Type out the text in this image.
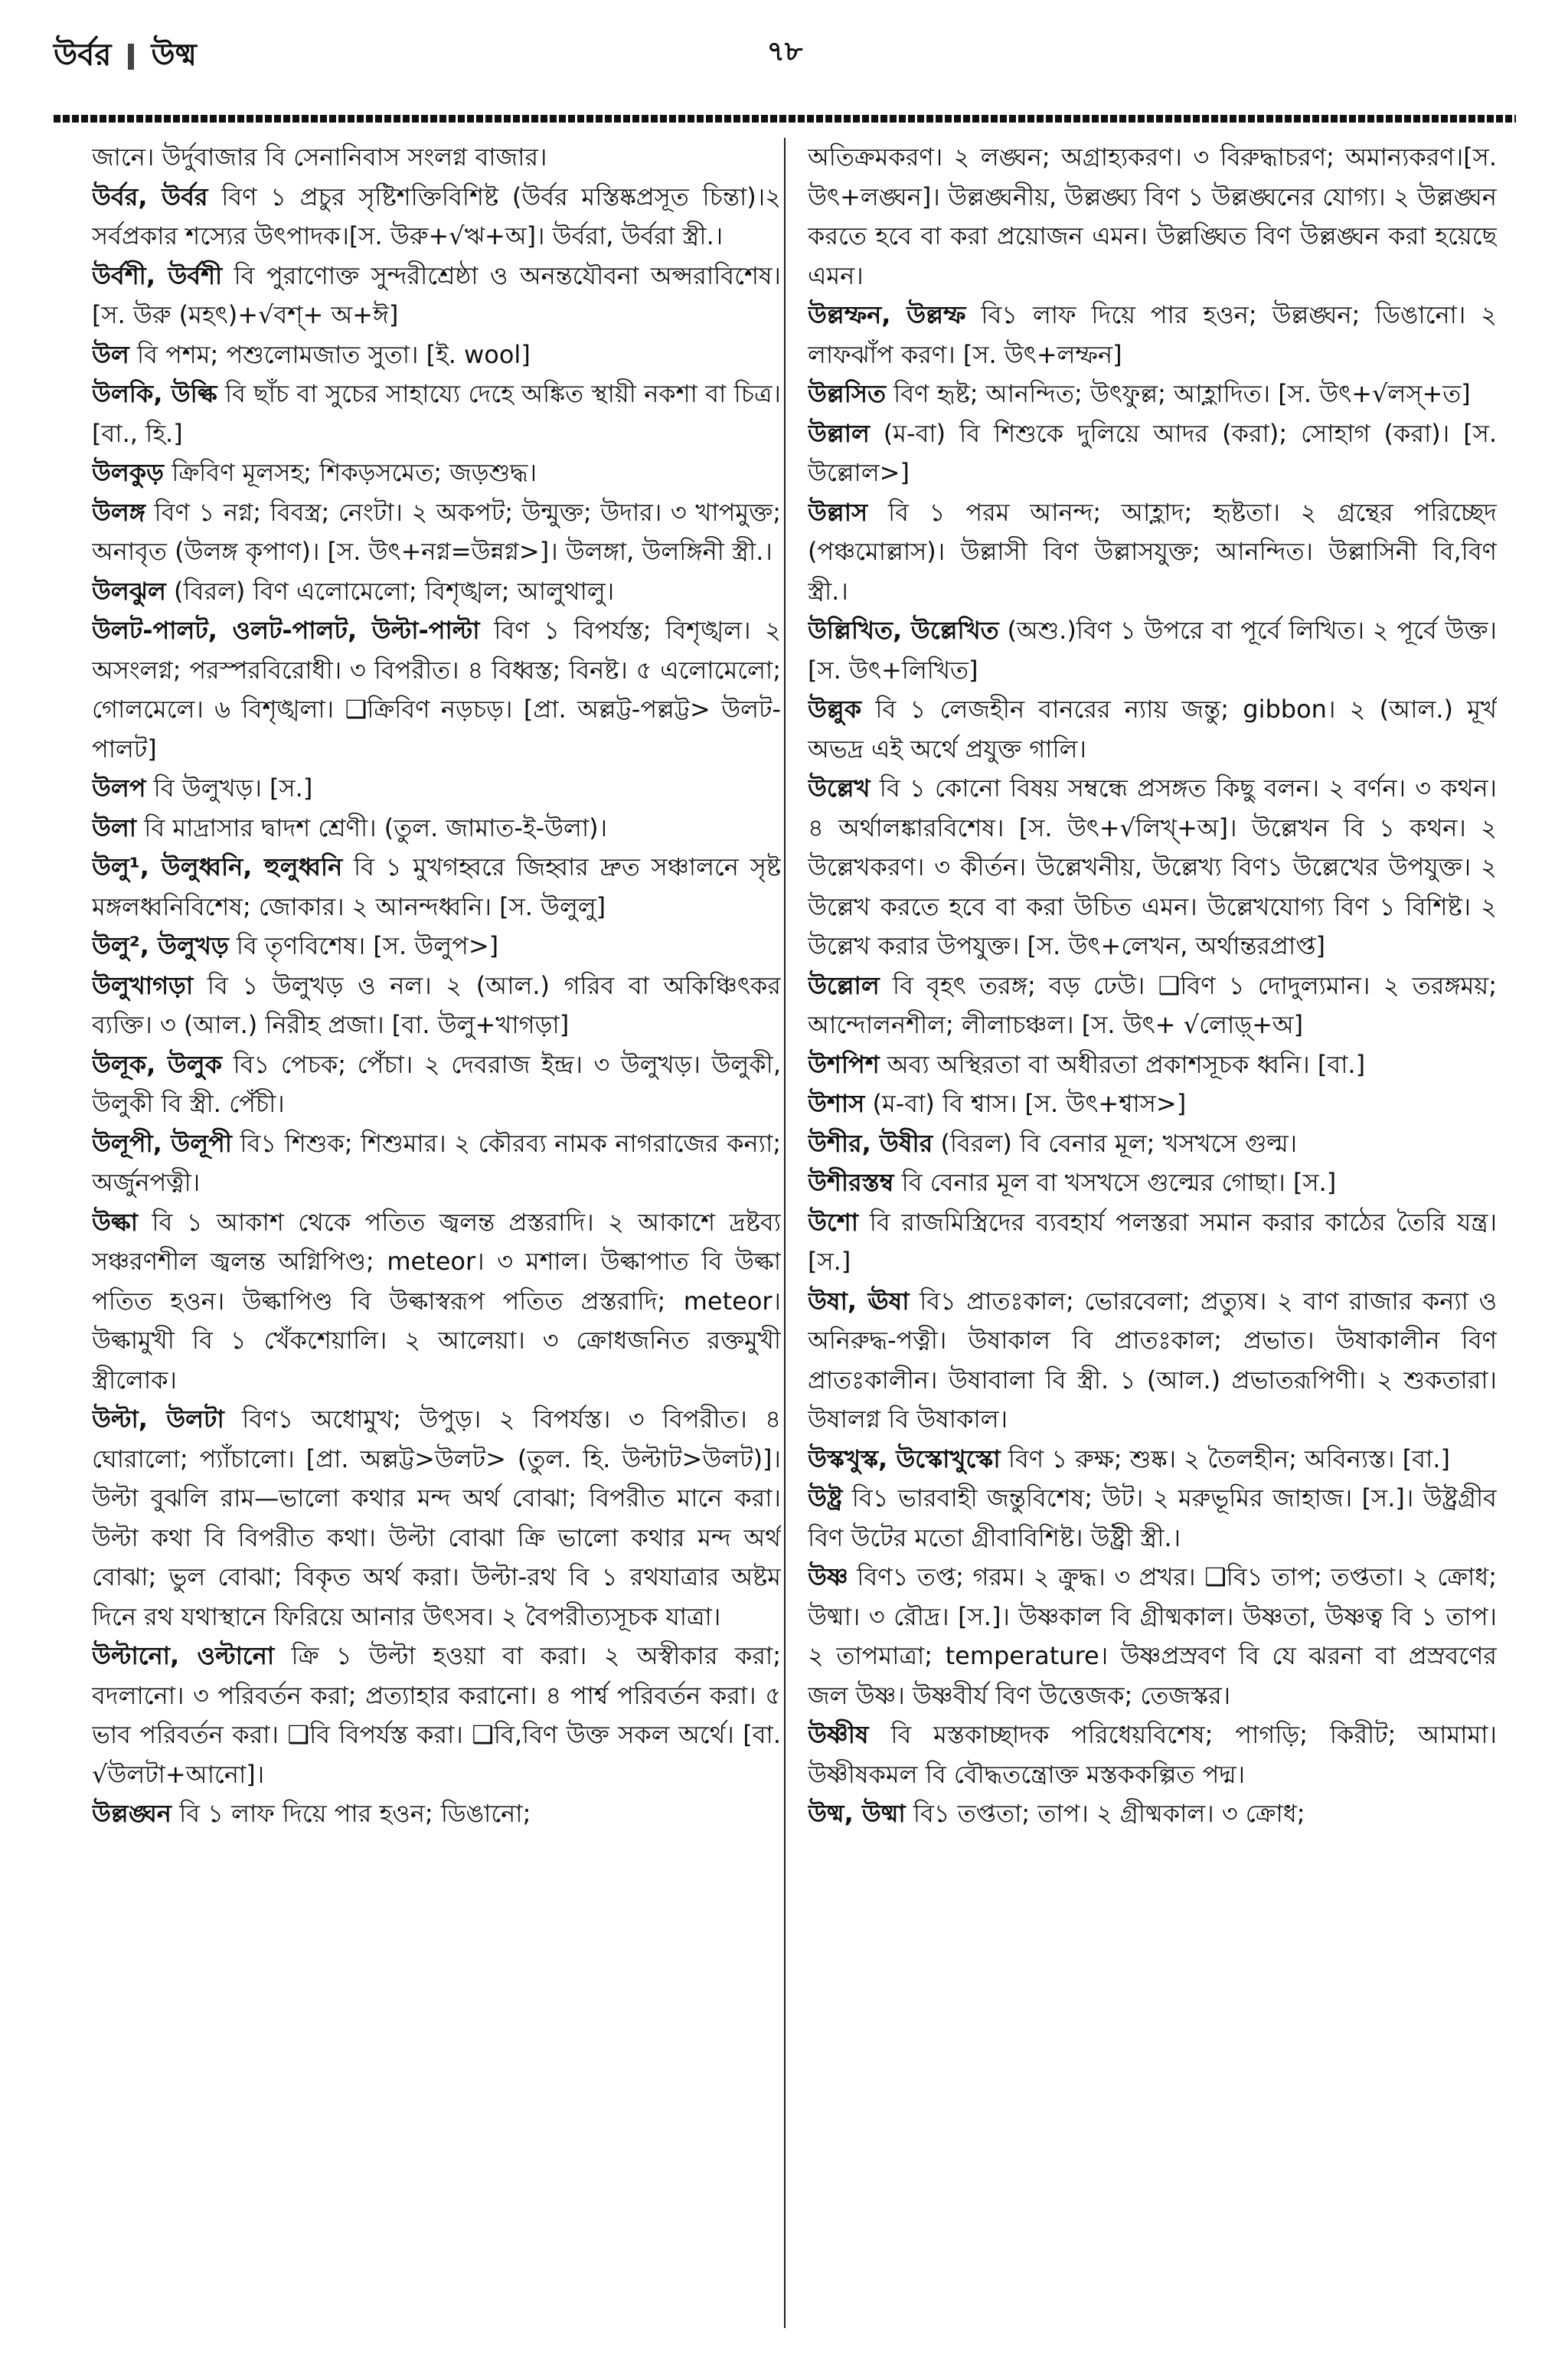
উর্বর উষ্ম	৭৮

জানে। উর্দুবাজার বি সেনানিবাস সংলগ্ন বাজার।

উর্বর, উর্বর বিণ ১ প্রচুর সৃষ্টিশক্তিবিশিষ্ট (উর্বর মস্তিষ্কপ্রসূত চিন্তা)।২ সর্বপ্রকার শস্যের উৎপাদক।[স. উরু+√ঋ+অ]। উর্বরা, উর্বরা স্ত্রী.।

উর্বশী, উর্বশী বি পুরাণোক্ত সুন্দরীশ্রেষ্ঠা ও অনন্তযৌবনা অপ্সরাবিশেষ। [স. উরু (মহৎ)+√বশ্‌+ অ+ঈ]

উল বি পশম; পশুলোমজাত সুতা। [ই. wool]

উলকি, উল্কি বি ছাঁচ বা সুচের সাহায্যে দেহে অঙ্কিত স্থায়ী নকশা বা চিত্র। [বা., হি.]

উলকুড় ক্রিবিণ মূলসহ; শিকড়সমেত; জড়শুদ্ধ।

উলঙ্গ বিণ ১ নগ্ন; বিবস্ত্র; নেংটা। ২ অকপট; উন্মুক্ত; উদার। ৩ খাপমুক্ত; অনাবৃত (উলঙ্গ কৃপাণ)। [স. উৎ+নগ্ন=উন্নগ্ন>]। উলঙ্গা, উলঙ্গিনী স্ত্রী.।

উলঝুল (বিরল) বিণ এলোমেলো; বিশৃঙ্খল; আলুথালু।

উলট-পালট, ওলট-পালট, উল্টা-পাল্টা বিণ ১ বিপর্যস্ত; বিশৃঙ্খল। ২ অসংলগ্ন; পরস্পরবিরোধী। ৩ বিপরীত। ৪ বিধ্বস্ত; বিনষ্ট। ৫ এলোমেলো; গোলমেলে। ৬ বিশৃঙ্খলা। ❑ক্রিবিণ নড়চড়। [প্রা. অল্লট্ট-পল্লট্ট> উলট-পালট]

উলপ বি উলুখড়। [স.]

উলা বি মাদ্রাসার দ্বাদশ শ্রেণী। (তুল. জামাত-ই-উলা)।

উলু¹, উলুধ্বনি, হুলুধ্বনি বি ১ মুখগহ্বরে জিহ্বার দ্রুত সঞ্চালনে সৃষ্ট মঙ্গলধ্বনিবিশেষ; জোকার। ২ আনন্দধ্বনি। [স. উলুলু]

উলু², উলুখড় বি তৃণবিশেষ। [স. উলুপ>]

উলুখাগড়া বি ১ উলুখড় ও নল। ২ (আল.) গরিব বা অকিঞ্চিৎকর ব্যক্তি। ৩ (আল.) নিরীহ প্রজা। [বা. উলু+খাগড়া]

উলূক, উলুক বি১ পেচক; পেঁচা। ২ দেবরাজ ইন্দ্র। ৩ উলুখড়। উলুকী, উলুকী বি স্ত্রী. পেঁচী।

উলূপী, উলূপী বি১ শিশুক; শিশুমার। ২ কৌরব্য নামক নাগরাজের কন্যা; অর্জুনপত্নী।

উল্কা বি ১ আকাশ থেকে পতিত জ্বলন্ত প্রস্তরাদি। ২ আকাশে দ্রষ্টব্য সঞ্চরণশীল জ্বলন্ত অগ্নিপিণ্ড; meteor। ৩ মশাল। উল্কাপাত বি উল্কা পতিত হওন। উল্কাপিণ্ড বি উল্কাস্বরূপ পতিত প্রস্তরাদি; meteor। উল্কামুখী বি ১ খেঁকশেয়ালি। ২ আলেয়া। ৩ ক্রোধজনিত রক্তমুখী স্ত্রীলোক।

উল্টা, উলটা বিণ১ অধোমুখ; উপুড়। ২ বিপর্যস্ত। ৩ বিপরীত। ৪ ঘোরালো; প্যাঁচালো। [প্রা. অল্লট্ট>উলট> (তুল. হি. উল্টাট>উলট)]। উল্টা বুঝলি রাম—ভালো কথার মন্দ অর্থ বোঝা; বিপরীত মানে করা। উল্টা কথা বি বিপরীত কথা। উল্টা বোঝা ক্রি ভালো কথার মন্দ অর্থ বোঝা; ভুল বোঝা; বিকৃত অর্থ করা। উল্টা-রথ বি ১ রথযাত্রার অষ্টম দিনে রথ যথাস্থানে ফিরিয়ে আনার উৎসব। ২ বৈপরীত্যসূচক যাত্রা।

উল্টানো, ওল্টানো ক্রি ১ উল্টা হওয়া বা করা। ২ অস্বীকার করা; বদলানো। ৩ পরিবর্তন করা; প্রত্যাহার করানো। ৪ পার্শ্ব পরিবর্তন করা। ৫ ভাব পরিবর্তন করা। ❑বি বিপর্যস্ত করা। ❑বি,বিণ উক্ত সকল অর্থে। [বা. √উলটা+আনো]।

উল্লঙ্ঘন বি ১ লাফ দিয়ে পার হওন; ডিঙানো;

অতিক্রমকরণ। ২ লঙ্ঘন; অগ্রাহ্যকরণ। ৩ বিরুদ্ধাচরণ; অমান্যকরণ।[স. উৎ+লঙ্ঘন]। উল্লঙ্ঘনীয়, উল্লঙ্ঘ্য বিণ ১ উল্লঙ্ঘনের যোগ্য। ২ উল্লঙ্ঘন করতে হবে বা করা প্রয়োজন এমন। উল্লঙ্ঘিত বিণ উল্লঙ্ঘন করা হয়েছে এমন।

উল্লম্ফন, উল্লম্ফ বি১ লাফ দিয়ে পার হওন; উল্লঙ্ঘন; ডিঙানো। ২ লাফঝাঁপ করণ। [স. উৎ+লম্ফন]

উল্লসিত বিণ হৃষ্ট; আনন্দিত; উৎফুল্ল; আহ্লাদিত। [স. উৎ+√লস্‌+ত]

উল্লাল (ম-বা) বি শিশুকে দুলিয়ে আদর (করা); সোহাগ (করা)। [স. উল্লোল>]

উল্লাস বি ১ পরম আনন্দ; আহ্লাদ; হৃষ্টতা। ২ গ্রন্থের পরিচ্ছেদ (পঞ্চমোল্লাস)। উল্লাসী বিণ উল্লাসযুক্ত; আনন্দিত। উল্লাসিনী বি,বিণ স্ত্রী.।

উল্লিখিত, উল্লেখিত (অশু.)বিণ ১ উপরে বা পূর্বে লিখিত। ২ পূর্বে উক্ত। [স. উৎ+লিখিত]

উল্লুক বি ১ লেজহীন বানরের ন্যায় জন্তু; gibbon। ২ (আল.) মূর্খ অভদ্র এই অর্থে প্রযুক্ত গালি।

উল্লেখ বি ১ কোনো বিষয় সম্বন্ধে প্রসঙ্গত কিছু বলন। ২ বর্ণন। ৩ কথন। ৪ অর্থালঙ্কারবিশেষ। [স. উৎ+√লিখ্‌+অ]। উল্লেখন বি ১ কথন। ২ উল্লেখকরণ। ৩ কীর্তন। উল্লেখনীয়, উল্লেখ্য বিণ১ উল্লেখের উপযুক্ত। ২ উল্লেখ করতে হবে বা করা উচিত এমন। উল্লেখযোগ্য বিণ ১ বিশিষ্ট। ২ উল্লেখ করার উপযুক্ত। [স. উৎ+লেখন, অর্থান্তরপ্রাপ্ত]

উল্লোল বি বৃহৎ তরঙ্গ; বড় ঢেউ। ❑বিণ ১ দোদুল্যমান। ২ তরঙ্গময়; আন্দোলনশীল; লীলাচঞ্চল। [স. উৎ+ √লোড়্‌+অ]

উশপিশ অব্য অস্থিরতা বা অধীরতা প্রকাশসূচক ধ্বনি। [বা.]

উশাস (ম-বা) বি শ্বাস। [স. উৎ+শ্বাস>]

উশীর, উষীর (বিরল) বি বেনার মূল; খসখসে গুল্ম।

উশীরস্তম্ব বি বেনার মূল বা খসখসে গুল্মের গোছা। [স.]

উশো বি রাজমিস্ত্রিদের ব্যবহার্য পলস্তরা সমান করার কাঠের তৈরি যন্ত্র। [স.]

উষা, ঊষা বি১ প্রাতঃকাল; ভোরবেলা; প্রত্যুষ। ২ বাণ রাজার কন্যা ও অনিরুদ্ধ-পত্নী। উষাকাল বি প্রাতঃকাল; প্রভাত। উষাকালীন বিণ প্রাতঃকালীন। উষাবালা বি স্ত্রী. ১ (আল.) প্রভাতরূপিণী। ২ শুকতারা। উষালগ্ন বি উষাকাল।

উস্কখুস্ক, উস্কোখুস্কো বিণ ১ রুক্ষ; শুষ্ক। ২ তৈলহীন; অবিন্যস্ত। [বা.]

উষ্ট্র বি১ ভারবাহী জন্তুবিশেষ; উট। ২ মরুভূমির জাহাজ। [স.]। উষ্ট্রগ্রীব বিণ উটের মতো গ্রীবাবিশিষ্ট। উষ্ট্রী স্ত্রী.।

উষ্ণ বিণ১ তপ্ত; গরম। ২ ক্রুদ্ধ। ৩ প্রখর। ❑বি১ তাপ; তপ্ততা। ২ ক্রোধ; উষ্মা। ৩ রৌদ্র। [স.]। উষ্ণকাল বি গ্রীষ্মকাল। উষ্ণতা, উষ্ণত্ব বি ১ তাপ। ২ তাপমাত্রা; temperature। উষ্ণপ্রস্রবণ বি যে ঝরনা বা প্রস্রবণের জল উষ্ণ। উষ্ণবীর্য বিণ উত্তেজক; তেজস্কর।

উষ্ণীষ বি মস্তকাচ্ছাদক পরিধেয়বিশেষ; পাগড়ি; কিরীট; আমামা। উষ্ণীষকমল বি বৌদ্ধতন্ত্রোক্ত মস্তককল্পিত পদ্ম।

উষ্ম, উষ্মা বি১ তপ্ততা; তাপ। ২ গ্রীষ্মকাল। ৩ ক্রোধ;
